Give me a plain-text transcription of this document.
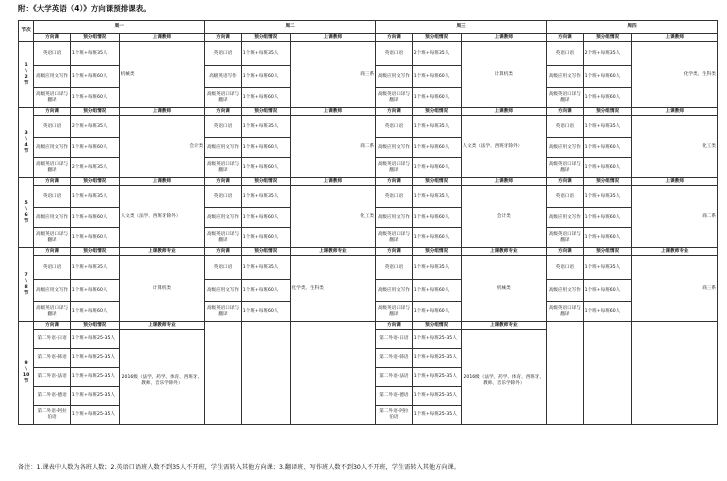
附：《大学英语（4）》方向课预排课表。
节次	周一			周二			周三			周四		
	方向课	预分组情况	上课教师	方向课	预分组情况	上课教师	方向课	预分组情况	上课教师	方向课	预分组情况	上课教师
1
\
2
节	英语口语	1个班+每班35人	机械类	英语口语	1个班+每班35人	商三系	英语口语	2个班+每班35人	计算机类	英语口语	2个班+每班35人	化学类、生科类
	高级应用文写作	1个班+每班60人		高级英语写作	1个班+每班60人		高级应用文写作	1个班+每班60人		高级应用文写作	1个班+每班60人	
	高级英语口译与翻译	1个班+每班60人		高级英语口译与翻译	1个班+每班60人		高级英语口译与翻译	1个班+每班60人		高级英语口译与翻译	1个班+每班60人	
3
\
4
节	方向课	预分组情况	上课教师	方向课	预分组情况	上课教师	方向课	预分组情况	上课教师	方向课	预分组情况	上课教师
	英语口语	2个班+每班35人	会计类	英语口语	1个班+每班35人	商二系	英语口语	1个班+每班35人	人文类（法学、西班牙除外）	英语口语	1个班+每班35人	化工类
	高级应用文写作	1个班+每班60人		高级应用文写作	1个班+每班60人		高级应用文写作	1个班+每班60人		高级应用文写作	1个班+每班60人	
	高级英语口译与翻译	2个班+每班35人		高级英语口译与翻译	1个班+每班60人		高级英语口译与翻译	1个班+每班60人		高级英语口译与翻译	1个班+每班60人	
5
\
6
节	方向课	预分组情况	上课教师	方向课	预分组情况	上课教师	方向课	预分组情况	上课教师	方向课	预分组情况	上课教师
	英语口语	1个班+每班35人	人文类（法学、西班牙除外）	英语口语	1个班+每班35人	化工类	英语口语	1个班+每班35人	会计类	英语口语	1个班+每班35人	商二系
	高级应用文写作	1个班+每班60人		高级应用文写作	1个班+每班60人		高级应用文写作	1个班+每班60人		高级应用文写作	1个班+每班60人	
	高级英语口译与翻译	1个班+每班60人		高级英语口译与翻译	1个班+每班60人		高级英语口译与翻译	1个班+每班60人		高级英语口译与翻译	1个班+每班60人	
7
\
8
节	方向课	预分组情况	上课教师专业	方向课	预分组情况	上课教师专业	方向课	预分组情况	上课教师专业	方向课	预分组情况	上课教师专业
	英语口语	1个班+每班35人	计算机类	英语口语	1个班+每班35人	化学类、生科类	英语口语	1个班+每班35人	机械类	英语口语	1个班+每班35人	商三系
	高级应用文写作	1个班+每班60人		高级应用文写作	1个班+每班60人		高级应用文写作	1个班+每班60人		高级应用文写作	1个班+每班60人	
	高级英语口译与翻译	1个班+每班60人		高级英语口译与翻译	1个班+每班60人		高级英语口译与翻译	1个班+每班60人		高级英语口译与翻译	1个班+每班60人	
9
\
10
节	方向课	预分组情况	上课教师专业				方向课	预分组情况	上课教师专业			
	第二外语-日语	1个班+每班25-35人	2016级（法学、药学、体育、西班牙、教师、音乐学除外）				第二外语-日语	1个班+每班25-35人	2016级（法学、药学、体育、西班牙、教师、音乐学除外）			
	第二外语-韩语	1个班+每班25-35人					第二外语-韩语	1个班+每班25-35人				
	第二外语-法语	1个班+每班25-35人					第二外语-法语	1个班+每班25-35人				
	第二外语-德语	1个班+每班25-35人					第二外语-德语	1个班+每班25-35人				
	第二外语-阿拉伯语	1个班+每班25-35人					第二外语-阿拉伯语	1个班+每班25-35人				
备注：1.课表中人数为各班人数；2.英语口语班人数不到35人不开班，学生需转入其他方向课；3.翻译班、写作班人数不到30人不开班，学生需转入其他方向课。
